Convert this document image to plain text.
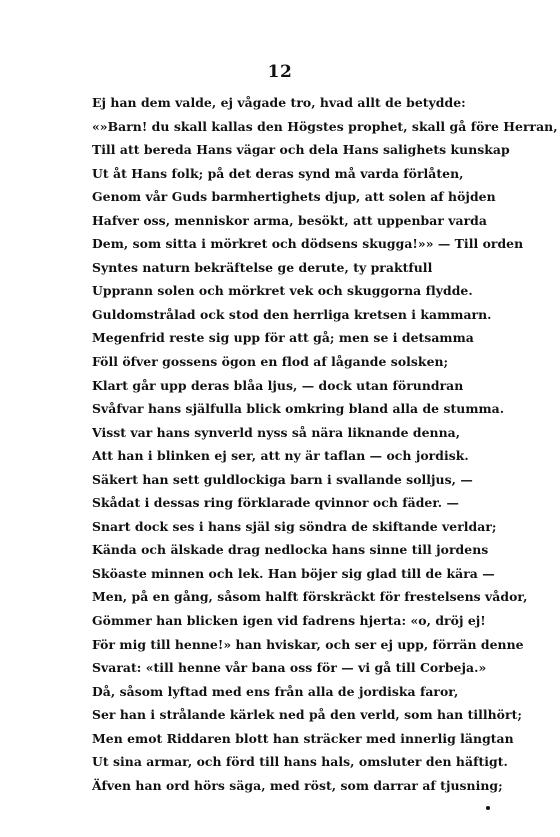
12
Ej han dem valde, ej vågade tro, hvad allt de betydde:
«»Barn! du skall kallas den Högstes prophet, skall gå före Herran,
Till att bereda Hans vägar och dela Hans salighets kunskap
Ut åt Hans folk; på det deras synd må varda förlåten,
Genom vår Guds barmhertighets djup, att solen af höjden
Hafver oss, menniskor arma, besökt, att uppenbar varda
Dem, som sitta i mörkret och dödsens skugga!»» — Till orden
Syntes naturn bekräftelse ge derute, ty praktfull
Upprann solen och mörkret vek och skuggorna flydde.
Guldomstrålad ock stod den herrliga kretsen i kammarn.
Megenfrid reste sig upp för att gå; men se i detsamma
Föll öfver gossens ögon en flod af lågande solsken;
Klart går upp deras blåa ljus, — dock utan förundran
Svåfvar hans själfulla blick omkring bland alla de stumma.
Visst var hans synverld nyss så nära liknande denna,
Att han i blinken ej ser, att ny är taflan — och jordisk.
Säkert han sett guldlockiga barn i svallande solljus, —
Skådat i dessas ring förklarade qvinnor och fäder. —
Snart dock ses i hans själ sig söndra de skiftande verldar;
Kända och älskade drag nedlocka hans sinne till jordens
Sköaste minnen och lek. Han böjer sig glad till de kära —
Men, på en gång, såsom halft förskräckt för frestelsens vådor,
Gömmer han blicken igen vid fadrens hjerta: «o, dröj ej!
För mig till henne!» han hviskar, och ser ej upp, förrän denne
Svarat: «till henne vår bana oss för — vi gå till Corbeja.»
Då, såsom lyftad med ens från alla de jordiska faror,
Ser han i strålande kärlek ned på den verld, som han tillhört;
Men emot Riddaren blott han sträcker med innerlig längtan
Ut sina armar, och förd till hans hals, omsluter den häftigt.
Äfven han ord hörs säga, med röst, som darrar af tjusning;
